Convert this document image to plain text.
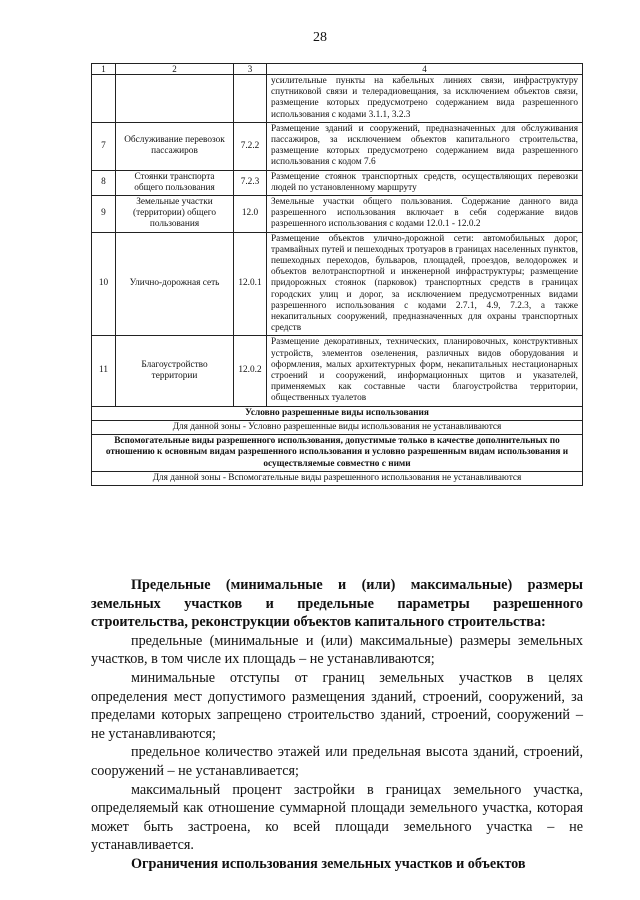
28
1	2	3	4
			усилительные пункты на кабельных линиях связи, инфраструктуру спутниковой связи и телерадиовещания, за исключением объектов связи, размещение которых предусмотрено содержанием вида разрешенного использования с кодами 3.1.1, 3.2.3
7	Обслуживание перевозок пассажиров	7.2.2	Размещение зданий и сооружений, предназначенных для обслуживания пассажиров, за исключением объектов капитального строительства, размещение которых предусмотрено содержанием вида разрешенного использования с кодом 7.6
8	Стоянки транспорта общего пользования	7.2.3	Размещение стоянок транспортных средств, осуществляющих перевозки людей по установленному маршруту
9	Земельные участки (территории) общего пользования	12.0	Земельные участки общего пользования. Содержание данного вида разрешенного использования включает в себя содержание видов разрешенного использования с кодами 12.0.1 - 12.0.2
10	Улично-дорожная сеть	12.0.1	Размещение объектов улично-дорожной сети: автомобильных дорог, трамвайных путей и пешеходных тротуаров в границах населенных пунктов, пешеходных переходов, бульваров, площадей, проездов, велодорожек и объектов велотранспортной и инженерной инфраструктуры; размещение придорожных стоянок (парковок) транспортных средств в границах городских улиц и дорог, за исключением предусмотренных видами разрешенного использования с кодами 2.7.1, 4.9, 7.2.3, а также некапитальных сооружений, предназначенных для охраны транспортных средств
11	Благоустройство территории	12.0.2	Размещение декоративных, технических, планировочных, конструктивных устройств, элементов озеленения, различных видов оборудования и оформления, малых архитектурных форм, некапитальных нестационарных строений и сооружений, информационных щитов и указателей, применяемых как составные части благоустройства территории, общественных туалетов
Условно разрешенные виды использования			
Для данной зоны - Условно разрешенные виды использования не устанавливаются			
Вспомогательные виды разрешенного использования, допустимые только в качестве дополнительных по отношению к основным видам разрешенного использования и условно разрешенным видам использования и осуществляемые совместно с ними			
Для данной зоны - Вспомогательные виды разрешенного использования не устанавливаются			

Предельные (минимальные и (или) максимальные) размеры земельных участков и предельные параметры разрешенного строительства, реконструкции объектов капитального строительства:

предельные (минимальные и (или) максимальные) размеры земельных участков, в том числе их площадь – не устанавливаются;

минимальные отступы от границ земельных участков в целях определения мест допустимого размещения зданий, строений, сооружений, за пределами которых запрещено строительство зданий, строений, сооружений – не устанавливаются;

предельное количество этажей или предельная высота зданий, строений, сооружений – не устанавливается;

максимальный процент застройки в границах земельного участка, определяемый как отношение суммарной площади земельного участка, которая может быть застроена, ко всей площади земельного участка – не устанавливается.

Ограничения использования земельных участков и объектов
